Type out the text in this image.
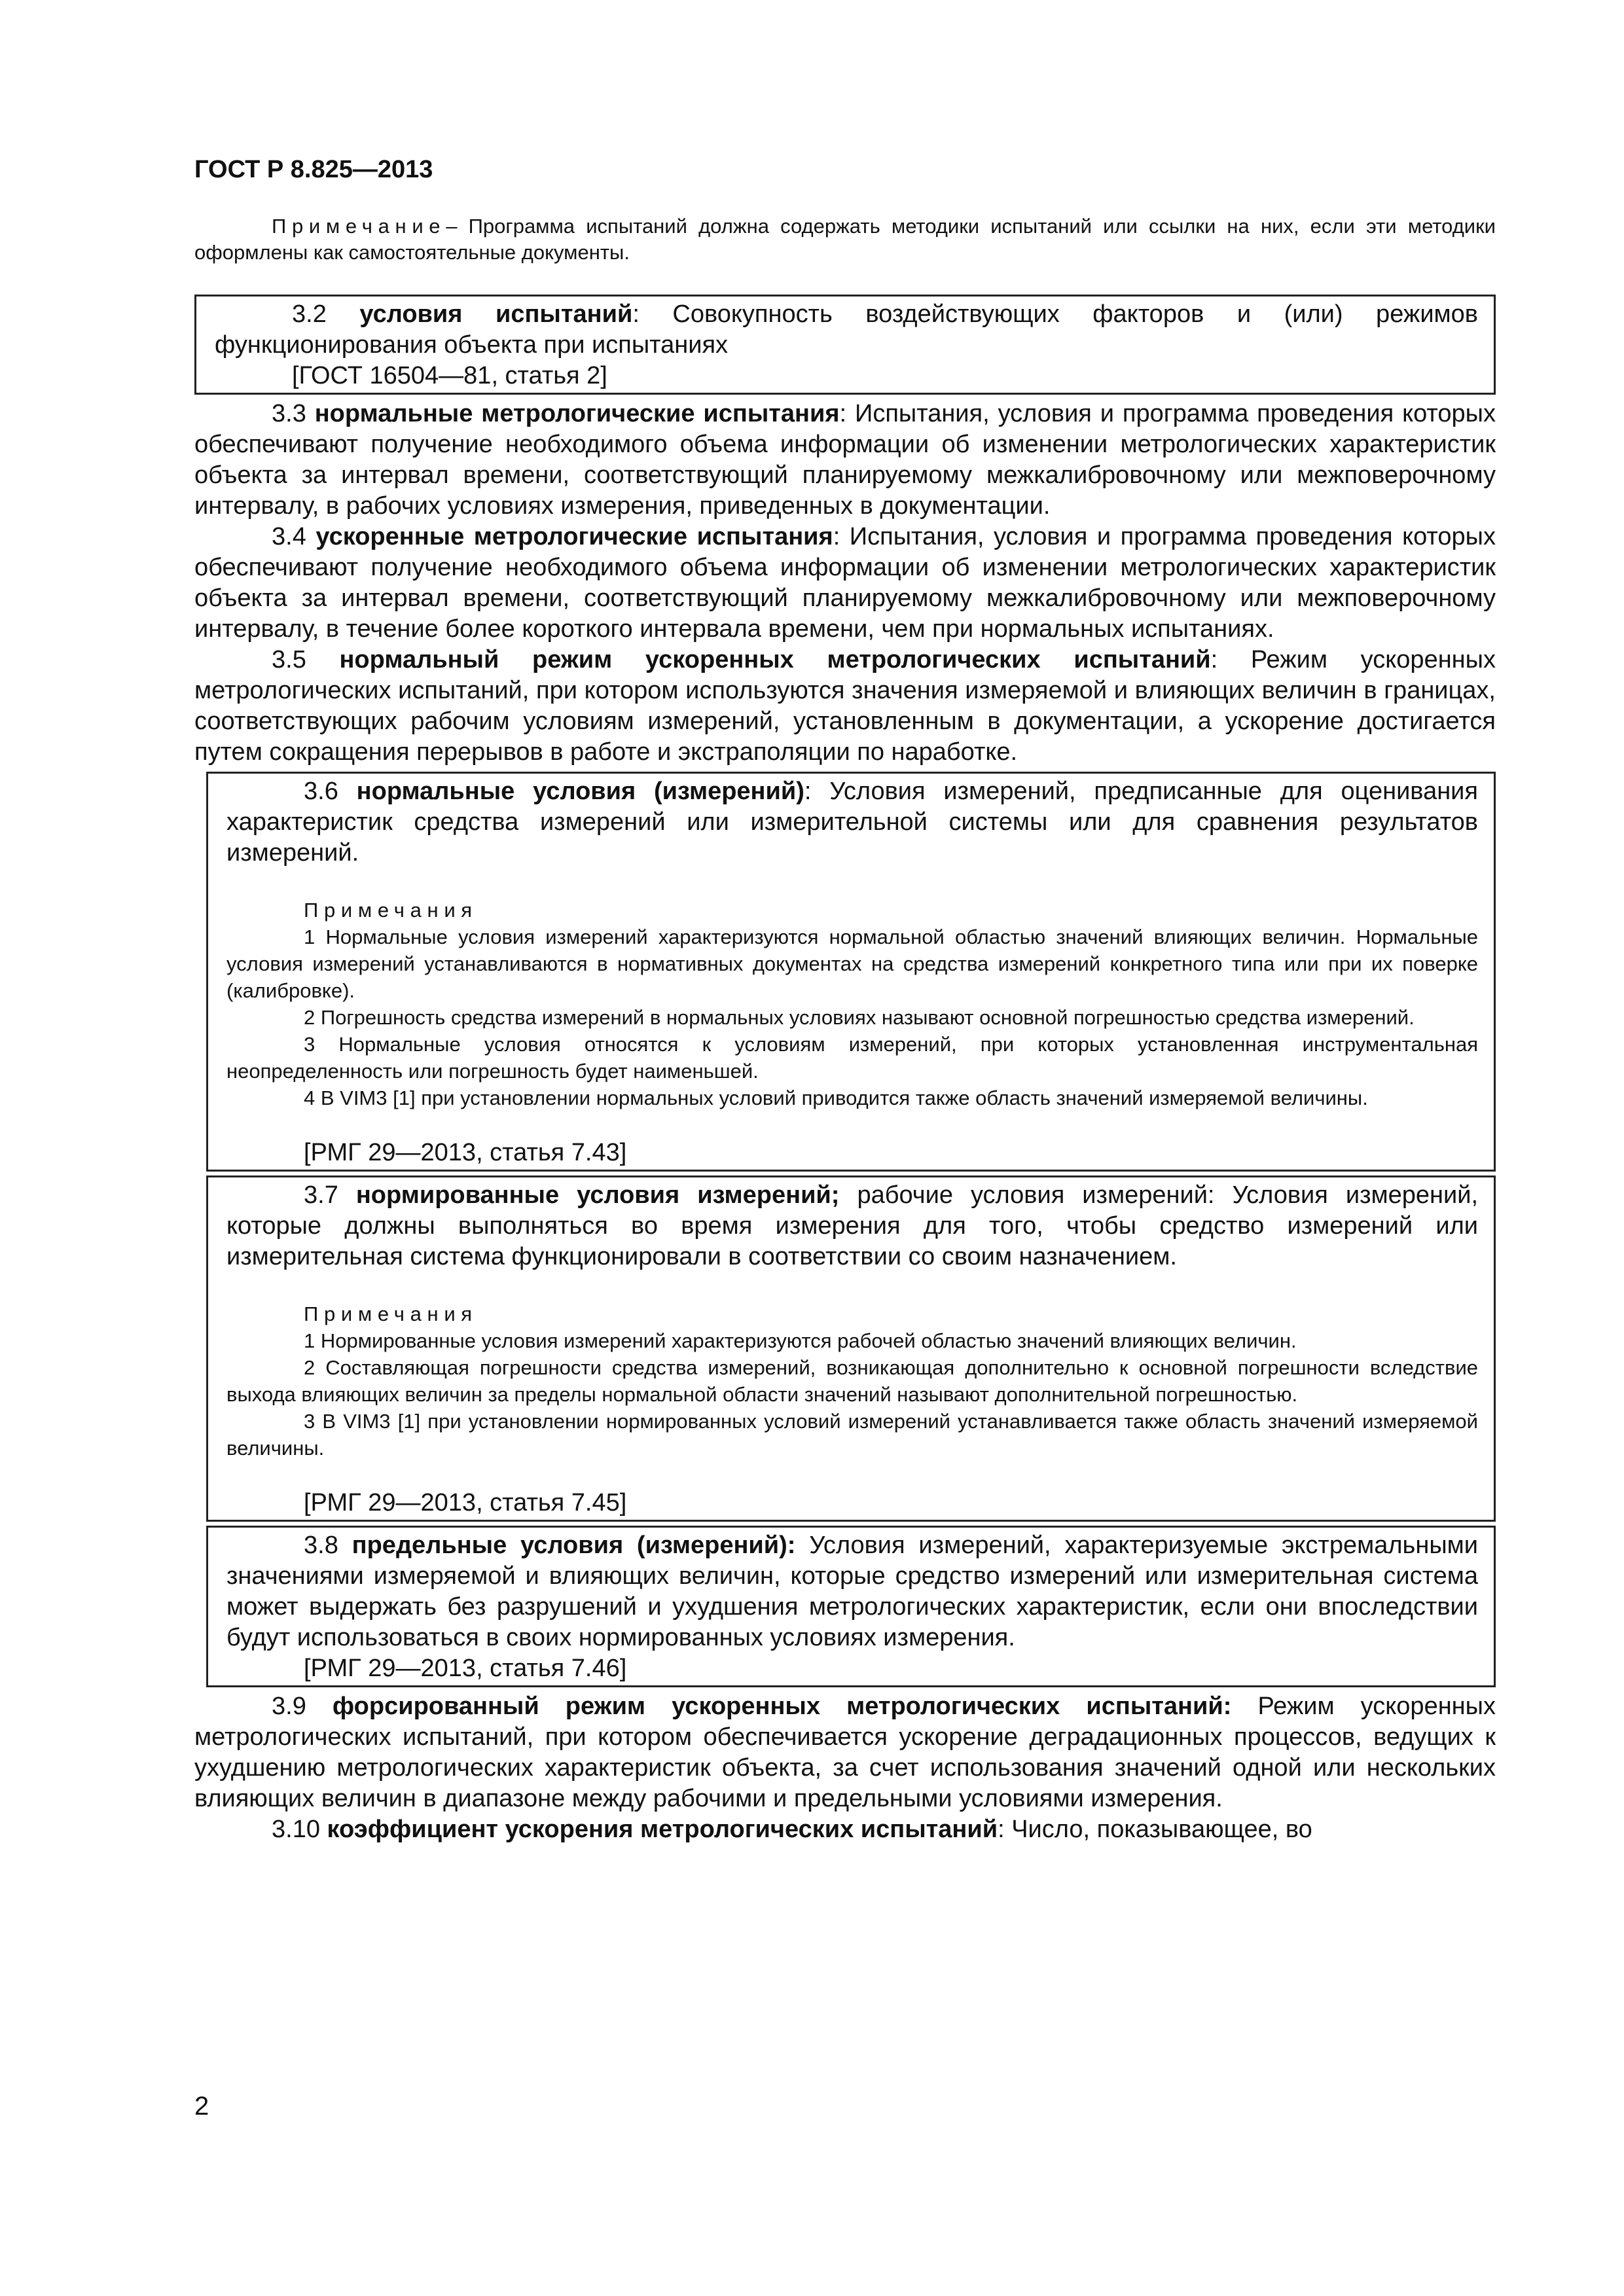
ГОСТ Р 8.825—2013

Примечание– Программа испытаний должна содержать методики испытаний или ссылки на них, если эти методики оформлены как самостоятельные документы.

3.2 условия испытаний: Совокупность воздействующих факторов и (или) режимов функционирования объекта при испытаниях

[ГОСТ 16504—81, статья 2]

3.3 нормальные метрологические испытания: Испытания, условия и программа проведения которых обеспечивают получение необходимого объема информации об изменении метрологических характеристик объекта за интервал времени, соответствующий планируемому межкалибровочному или межповерочному интервалу, в рабочих условиях измерения, приведенных в документации.

3.4 ускоренные метрологические испытания: Испытания, условия и программа проведения которых обеспечивают получение необходимого объема информации об изменении метрологических характеристик объекта за интервал времени, соответствующий планируемому межкалибровочному или межповерочному интервалу, в течение более короткого интервала времени, чем при нормальных испытаниях.

3.5 нормальный режим ускоренных метрологических испытаний: Режим ускоренных метрологических испытаний, при котором используются значения измеряемой и влияющих величин в границах, соответствующих рабочим условиям измерений, установленным в документации, а ускорение достигается путем сокращения перерывов в работе и экстраполяции по наработке.

3.6 нормальные условия (измерений): Условия измерений, предписанные для оценивания характеристик средства измерений или измерительной системы или для сравнения результатов измерений.

Примечания

1 Нормальные условия измерений характеризуются нормальной областью значений влияющих величин. Нормальные условия измерений устанавливаются в нормативных документах на средства измерений конкретного типа или при их поверке (калибровке).

2 Погрешность средства измерений в нормальных условиях называют основной погрешностью средства измерений.

3 Нормальные условия относятся к условиям измерений, при которых установленная инструментальная неопределенность или погрешность будет наименьшей.

4 В VIM3 [1] при установлении нормальных условий приводится также область значений измеряемой величины.

[РМГ 29—2013, статья 7.43]

3.7 нормированные условия измерений; рабочие условия измерений: Условия измерений, которые должны выполняться во время измерения для того, чтобы средство измерений или измерительная система функционировали в соответствии со своим назначением.

Примечания

1 Нормированные условия измерений характеризуются рабочей областью значений влияющих величин.

2 Составляющая погрешности средства измерений, возникающая дополнительно к основной погрешности вследствие выхода влияющих величин за пределы нормальной области значений называют дополнительной погрешностью.

3 В VIM3 [1] при установлении нормированных условий измерений устанавливается также область значений измеряемой величины.

[РМГ 29—2013, статья 7.45]

3.8 предельные условия (измерений): Условия измерений, характеризуемые экстремальными значениями измеряемой и влияющих величин, которые средство измерений или измерительная система может выдержать без разрушений и ухудшения метрологических характеристик, если они впоследствии будут использоваться в своих нормированных условиях измерения.

[РМГ 29—2013, статья 7.46]

3.9 форсированный режим ускоренных метрологических испытаний: Режим ускоренных метрологических испытаний, при котором обеспечивается ускорение деградационных процессов, ведущих к ухудшению метрологических характеристик объекта, за счет использования значений одной или нескольких влияющих величин в диапазоне между рабочими и предельными условиями измерения.

3.10 коэффициент ускорения метрологических испытаний: Число, показывающее, во

2
